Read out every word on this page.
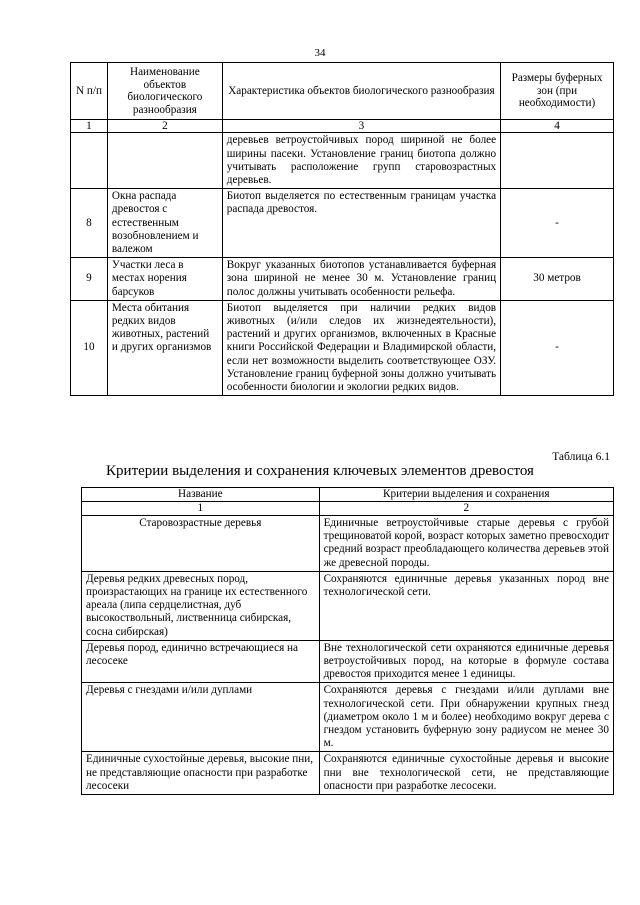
34
N п/п	Наименование объектов биологического разнообразия	Характеристика объектов биологического разнообразия	Размеры буферных зон (при необходимости)
1	2	3	4
		деревьев ветроустойчивых пород шириной не более ширины пасеки. Установление границ биотопа должно учитывать расположение групп старовозрастных деревьев.	
8	Окна распада древостоя с естественным возобновлением и валежом	Биотоп выделяется по естественным границам участка распада древостоя.	-
9	Участки леса в местах норения барсуков	Вокруг указанных биотопов устанавливается буферная зона шириной не менее 30 м. Установление границ полос должны учитывать особенности рельефа.	30 метров
10	Места обитания редких видов животных, растений и других организмов	Биотоп выделяется при наличии редких видов животных (и/или следов их жизнедеятельности), растений и других организмов, включенных в Красные книги Российской Федерации и Владимирской области, если нет возможности выделить соответствующее ОЗУ. Установление границ буферной зоны должно учитывать особенности биологии и экологии редких видов.	-
Таблица 6.1
Критерии выделения и сохранения ключевых элементов древостоя
Название	Критерии выделения и сохранения
1	2
Старовозрастные деревья	Единичные ветроустойчивые старые деревья с грубой трещиноватой корой, возраст которых заметно превосходит средний возраст преобладающего количества деревьев этой же древесной породы.
Деревья редких древесных пород, произрастающих на границе их естественного ареала (липа сердцелистная, дуб высокоствольный, лиственница сибирская, сосна сибирская)	Сохраняются единичные деревья указанных пород вне технологической сети.
Деревья пород, единично встречающиеся на лесосеке	Вне технологической сети охраняются единичные деревья ветроустойчивых пород, на которые в формуле состава древостоя приходится менее 1 единицы.
Деревья с гнездами и/или дуплами	Сохраняются деревья с гнездами и/или дуплами вне технологической сети. При обнаружении крупных гнезд (диаметром около 1 м и более) необходимо вокруг дерева с гнездом установить буферную зону радиусом не менее 30 м.
Единичные сухостойные деревья, высокие пни, не представляющие опасности при разработке лесосеки	Сохраняются единичные сухостойные деревья и высокие пни вне технологической сети, не представляющие опасности при разработке лесосеки.
